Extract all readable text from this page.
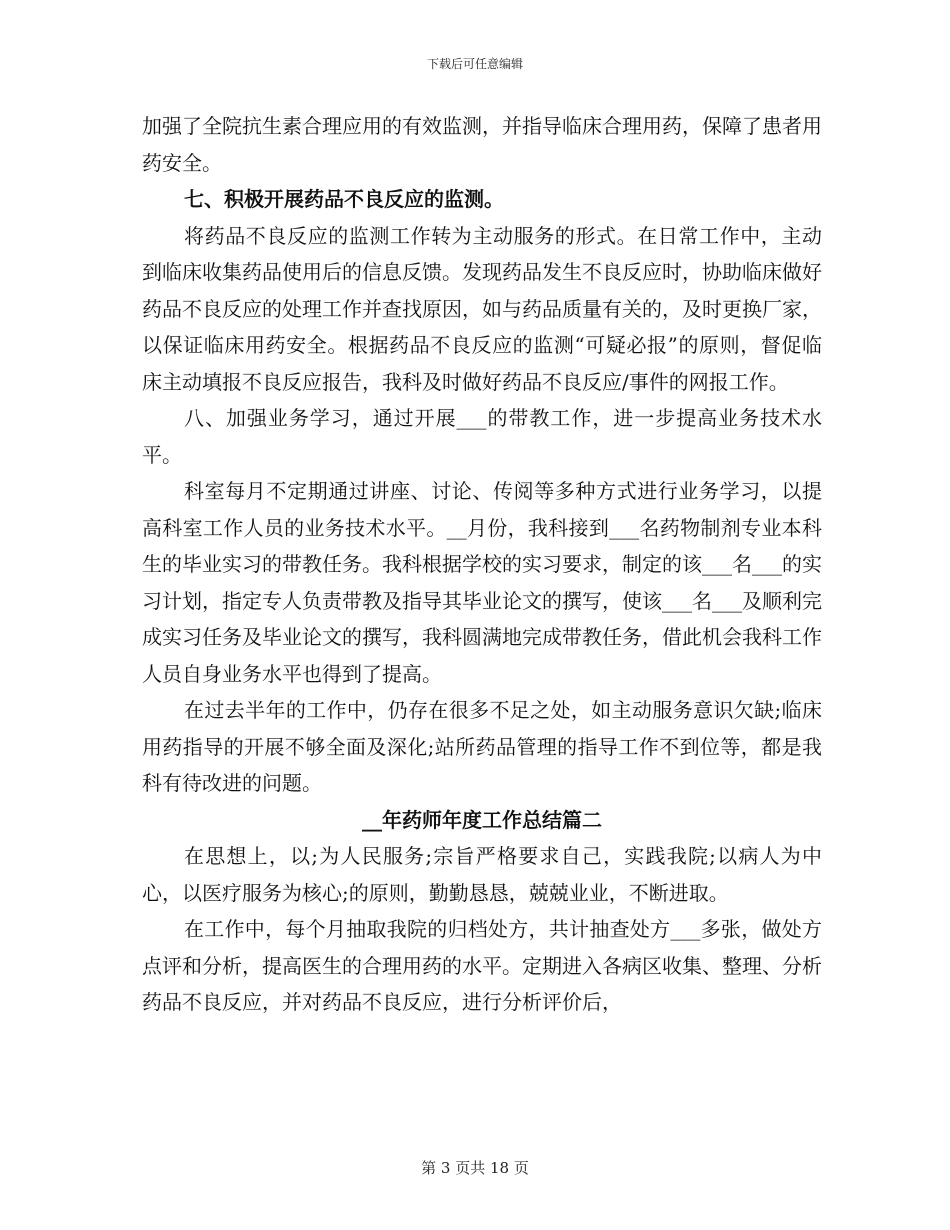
下载后可任意编辑

加强了全院抗生素合理应用的有效监测，并指导临床合理用药，保障了患者用药安全。

七、积极开展药品不良反应的监测。

将药品不良反应的监测工作转为主动服务的形式。在日常工作中，主动到临床收集药品使用后的信息反馈。发现药品发生不良反应时，协助临床做好药品不良反应的处理工作并查找原因，如与药品质量有关的，及时更换厂家，以保证临床用药安全。根据药品不良反应的监测“可疑必报”的原则，督促临床主动填报不良反应报告，我科及时做好药品不良反应/事件的网报工作。

八、加强业务学习，通过开展___的带教工作，进一步提高业务技术水平。

科室每月不定期通过讲座、讨论、传阅等多种方式进行业务学习，以提高科室工作人员的业务技术水平。__月份，我科接到___名药物制剂专业本科生的毕业实习的带教任务。我科根据学校的实习要求，制定的该___名___的实习计划，指定专人负责带教及指导其毕业论文的撰写，使该___名___及顺利完成实习任务及毕业论文的撰写，我科圆满地完成带教任务，借此机会我科工作人员自身业务水平也得到了提高。

在过去半年的工作中，仍存在很多不足之处，如主动服务意识欠缺;临床用药指导的开展不够全面及深化;站所药品管理的指导工作不到位等，都是我科有待改进的问题。

__年药师年度工作总结篇二

在思想上，以;为人民服务;宗旨严格要求自己，实践我院;以病人为中心，以医疗服务为核心;的原则，勤勤恳恳，兢兢业业，不断进取。

在工作中，每个月抽取我院的归档处方，共计抽查处方___多张，做处方点评和分析，提高医生的合理用药的水平。定期进入各病区收集、整理、分析药品不良反应，并对药品不良反应，进行分析评价后，

第 3 页共 18 页
